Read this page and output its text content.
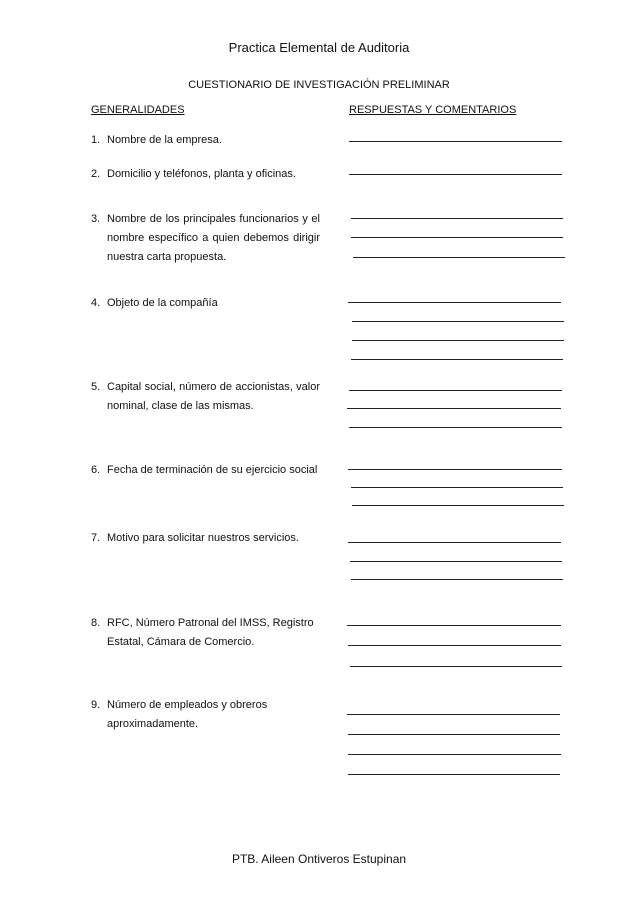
Practica Elemental de Auditoria
CUESTIONARIO DE INVESTIGACIÓN PRELIMINAR
GENERALIDADES	RESPUESTAS Y COMENTARIOS
1. Nombre de la empresa.
2. Domicilio y teléfonos, planta y oficinas.
3. Nombre de los principales funcionarios y el nombre específico a quien debemos dirigir nuestra carta propuesta.
4. Objeto de la compañía
5. Capital social, número de accionistas, valor nominal, clase de las mismas.
6. Fecha de terminación de su ejercicio social
7. Motivo para solicitar nuestros servicios.
8. RFC, Número Patronal del IMSS, Registro Estatal, Cámara de Comercio.
9. Número de empleados y obreros aproximadamente.
PTB. Aileen Ontiveros Estupinan
